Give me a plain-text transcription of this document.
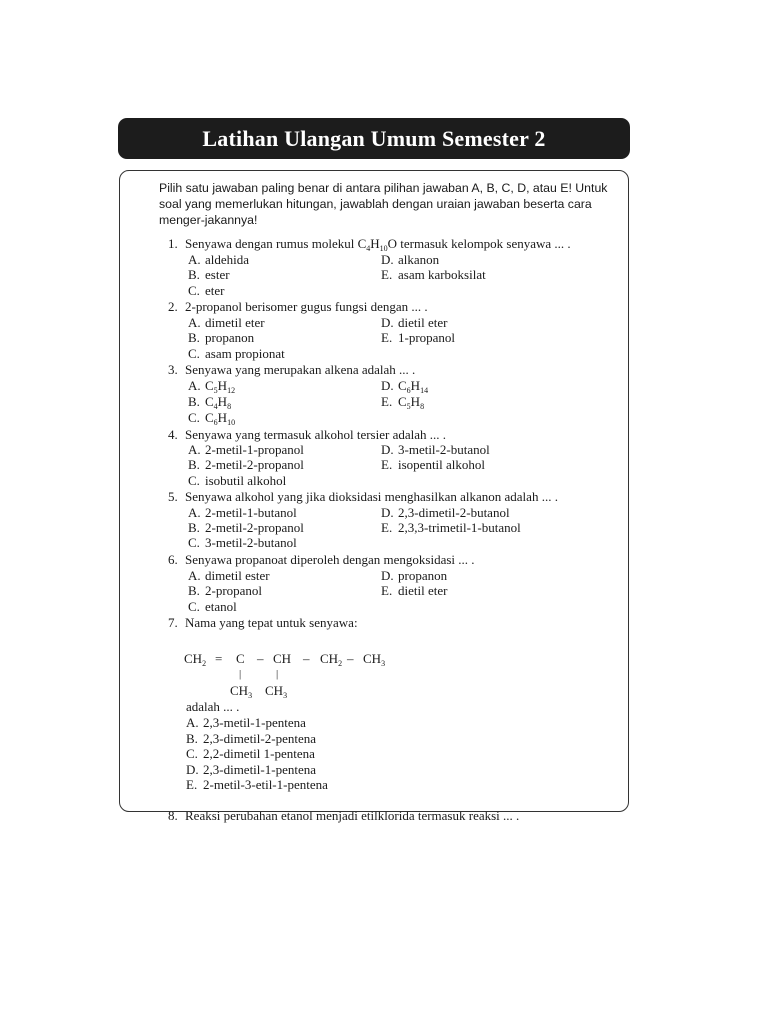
Latihan Ulangan Umum Semester 2
Pilih satu jawaban paling benar di antara pilihan jawaban A, B, C, D, atau E! Untuk soal yang memerlukan hitungan, jawablah dengan uraian jawaban beserta cara menger-jakannya!
1. Senyawa dengan rumus molekul $C_4H_{10}O$ termasuk kelompok senyawa ... .
A. aldehida	D. alkanon
B. ester	E. asam karboksilat
C. eter
2. 2-propanol berisomer gugus fungsi dengan ... .
A. dimetil eter	D. dietil eter
B. propanon	E. 1-propanol
C. asam propionat
3. Senyawa yang merupakan alkena adalah ... .
A. $C_5H_{12}$	D. $C_6H_{14}$
B. $C_4H_8$	E. $C_5H_8$
C. $C_6H_{10}$
4. Senyawa yang termasuk alkohol tersier adalah ... .
A. 2-metil-1-propanol	D. 3-metil-2-butanol
B. 2-metil-2-propanol	E. isopentil alkohol
C. isobutil alkohol
5. Senyawa alkohol yang jika dioksidasi menghasilkan alkanon adalah ... .
A. 2-metil-1-butanol	D. 2,3-dimetil-2-butanol
B. 2-metil-2-propanol	E. 2,3,3-trimetil-1-butanol
C. 3-metil-2-butanol
6. Senyawa propanoat diperoleh dengan mengoksidasi ... .
A. dimetil ester	D. propanon
B. 2-propanol	E. dietil eter
C. etanol
7. Nama yang tepat untuk senyawa:
$CH_2 = C$ – CH – $CH_2 - CH_3$
|	|
$CH_3$ $CH_3$
adalah ... .
A. 2,3-metil-1-pentena
B. 2,3-dimetil-2-pentena
C. 2,2-dimetil 1-pentena
D. 2,3-dimetil-1-pentena
E. 2-metil-3-etil-1-pentena
8. Reaksi perubahan etanol menjadi etilklorida termasuk reaksi ... .
